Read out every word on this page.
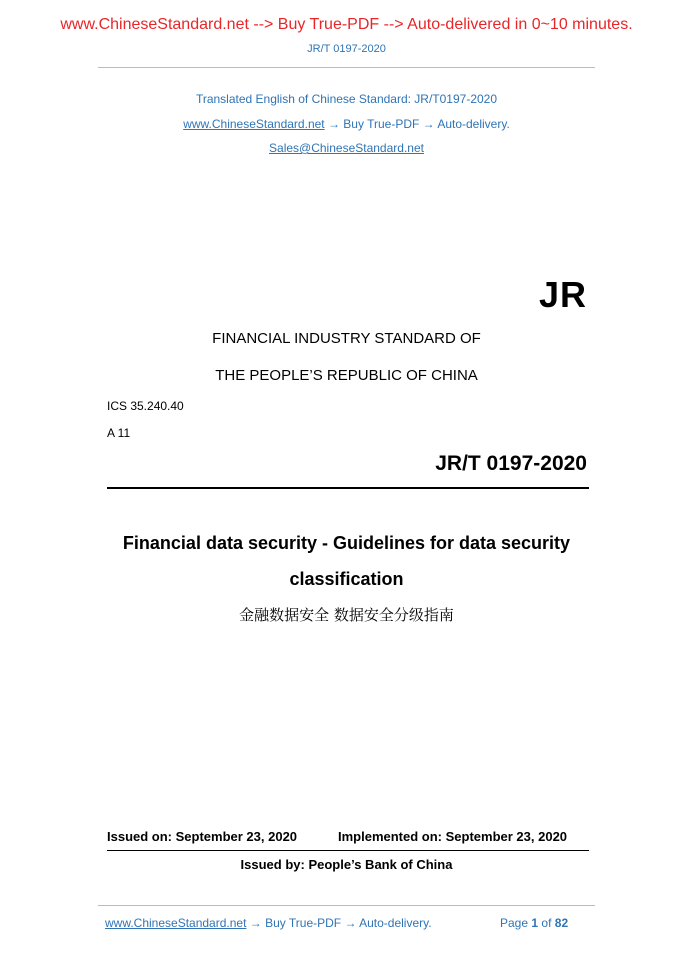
www.ChineseStandard.net --> Buy True-PDF --> Auto-delivered in 0~10 minutes.
JR/T 0197-2020
Translated English of Chinese Standard: JR/T0197-2020
www.ChineseStandard.net → Buy True-PDF → Auto-delivery.
Sales@ChineseStandard.net
JR
FINANCIAL INDUSTRY STANDARD OF
THE PEOPLE’S REPUBLIC OF CHINA
ICS 35.240.40
A 11
JR/T 0197-2020
Financial data security - Guidelines for data security
classification
金融数据安全 数据安全分级指南
Issued on: September 23, 2020	Implemented on: September 23, 2020
Issued by: People’s Bank of China
www.ChineseStandard.net → Buy True-PDF → Auto-delivery.	Page 1 of 82
